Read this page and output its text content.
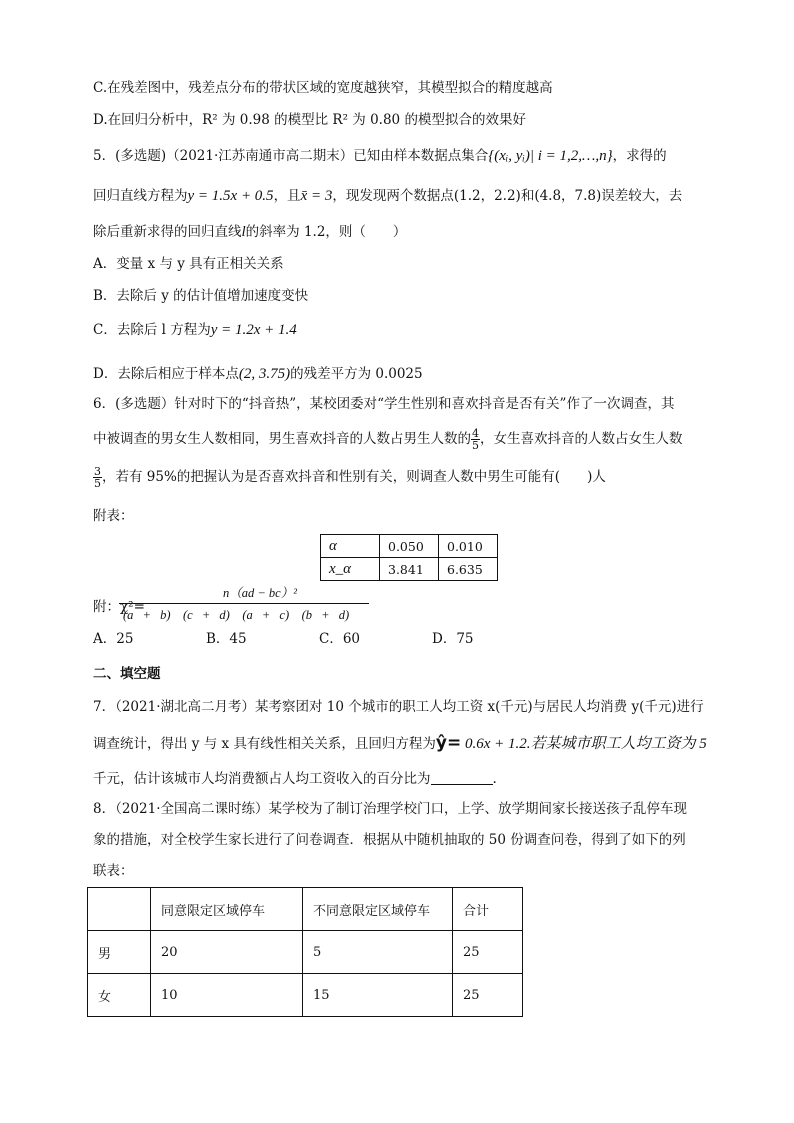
C.在残差图中，残差点分布的带状区域的宽度越狭窄，其模型拟合的精度越高
D.在回归分析中，R² 为 0.98 的模型比 R² 为 0.80 的模型拟合的效果好
5．(多选题)（2021·江苏南通市高二期末）已知由样本数据点集合{(xᵢ, yᵢ)| i = 1,2,…,n}，求得的
回归直线方程为y = 1.5x + 0.5，且x̄ = 3，现发现两个数据点(1.2，2.2)和(4.8，7.8)误差较大，去
除后重新求得的回归直线l的斜率为 1.2，则（　　）
A．变量 x 与 y 具有正相关关系
B．去除后 y 的估计值增加速度变快
C．去除后 l 方程为y = 1.2x + 1.4
D．去除后相应于样本点(2, 3.75)的残差平方为 0.0025
6．(多选题）针对时下的“抖音热”，某校团委对“学生性别和喜欢抖音是否有关”作了一次调查，其
中被调查的男女生人数相同，男生喜欢抖音的人数占男生人数的 $\frac{4}{5}$ ，女生喜欢抖音的人数占女生人数
$\frac{3}{5}$ ，若有 95%的把握认为是否喜欢抖音和性别有关，则调查人数中男生可能有(　　)人
附表：
α	0.050	0.010
x_α	3.841	6.635
附：χ²=
n（ad − bc）²
(a + b)　(c + d)　(a + c)　(b + d)
A．25	B．45	C．60	D．75
二、填空题
7．（2021·湖北高二月考）某考察团对 10 个城市的职工人均工资 x(千元)与居民人均消费 y(千元)进行
调查统计，得出 y 与 x 具有线性相关关系，且回归方程为ŷ= 0.6x + 1.2.若某城市职工人均工资为 5
千元，估计该城市人均消费额占人均工资收入的百分比为	.
8．（2021·全国高二课时练）某学校为了制订治理学校门口，上学、放学期间家长接送孩子乱停车现
象的措施，对全校学生家长进行了问卷调查．根据从中随机抽取的 50 份调查问卷，得到了如下的列
联表：
	同意限定区域停车	不同意限定区域停车	合计
男	20	5	25
女	10	15	25
